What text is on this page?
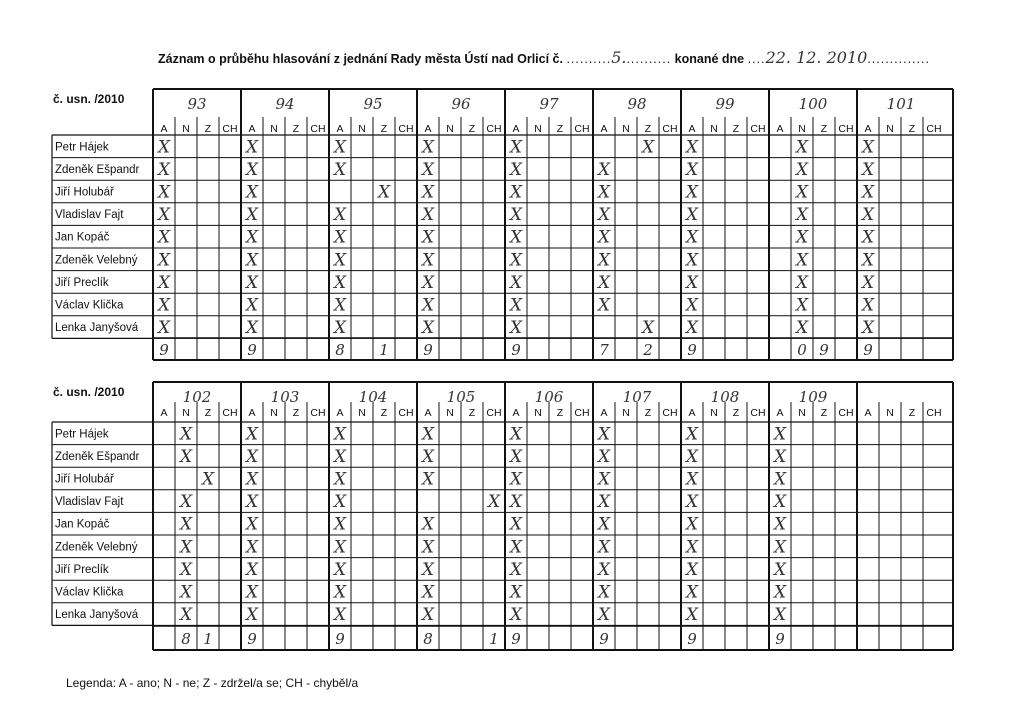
Záznam o průběhu hlasování z jednání Rady města Ústí nad Orlicí č. ..........5........... konané dne ....22. 12. 2010..............
č. usn. /2010
č. usn. /2010
Petr Hájek
Zdeněk Ešpandr
Jiří Holubář
Vladislav Fajt
Jan Kopáč
Zdeněk Velebný
Jiří Preclík
Václav Klička
Lenka Janyšová
93
A N Z CH
X
X
X
X
X
X
X
X
X
9
94
A N Z CH
X
X
X
X
X
X
X
X
X
9
95
A N Z CH
X
X
X
X
X
X
X
X
X
8 1
96
A N Z CH
X
X
X
X
X
X
X
X
X
9
97
A N Z CH
X
X
X
X
X
X
X
X
X
9
98
A N Z CH
X
X
X
X
X
X
X
X
X
7 2
99
A N Z CH
X
X
X
X
X
X
X
X
X
9
100
A N Z CH
X
X
X
X
X
X
X
X
X
0 9
101
A N Z CH
X
X
X
X
X
X
X
X
X
9
Petr Hájek
Zdeněk Ešpandr
Jiří Holubář
Vladislav Fajt
Jan Kopáč
Zdeněk Velebný
Jiří Preclík
Václav Klička
Lenka Janyšová
102
A N Z CH
X
X
X
X
X
X
X
X
X
8 1
103
A N Z CH
X
X
X
X
X
X
X
X
X
9
104
A N Z CH
X
X
X
X
X
X
X
X
X
9
105
A N Z CH
X
X
X
X
X
X
X
X
X
8	1
106
A N Z CH
X
X
X
X
X
X
X
X
X
9
107
A N Z CH
X
X
X
X
X
X
X
X
X
9
108
A N Z CH
X
X
X
X
X
X
X
X
X
9
109
A N Z CH
X
X
X
X
X
X
X
X
X
9
A N Z CH
Legenda: A - ano; N - ne; Z - zdržel/a se; CH - chyběl/a
